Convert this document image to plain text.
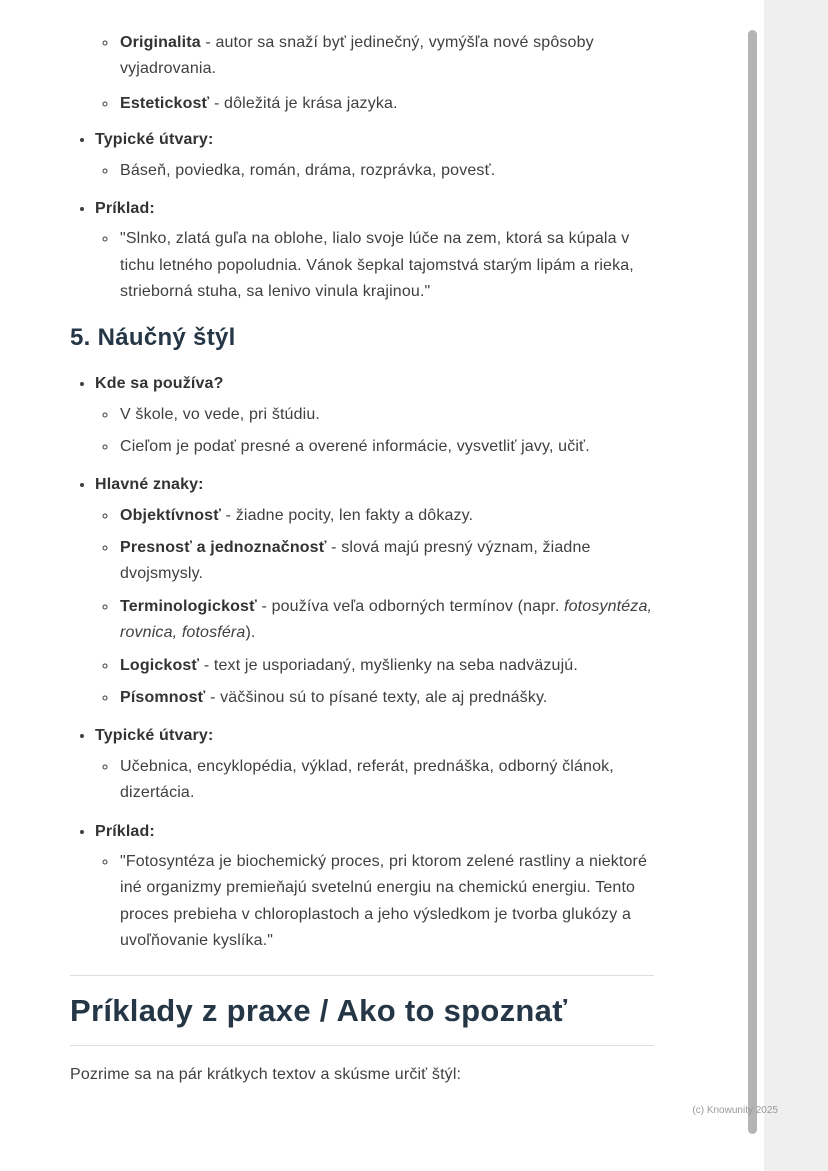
◦ Originalita - autor sa snaží byť jedinečný, vymýšľa nové spôsoby vyjadrovania.
◦ Estetickosť - dôležitá je krása jazyka.
• Typické útvary:
◦ Báseň, poviedka, román, dráma, rozprávka, povesť.
• Príklad:
◦ "Slnko, zlatá guľa na oblohe, lialo svoje lúče na zem, ktorá sa kúpala v tichu letného popoludnia. Vánok šepkal tajomstvá starým lipám a rieka, strieborná stuha, sa lenivo vinula krajinou."
5. Náučný štýl
• Kde sa používa?
◦ V škole, vo vede, pri štúdiu.
◦ Cieľom je podať presné a overené informácie, vysvetliť javy, učiť.
• Hlavné znaky:
◦ Objektívnosť - žiadne pocity, len fakty a dôkazy.
◦ Presnosť a jednoznačnosť - slová majú presný význam, žiadne dvojsmysly.
◦ Terminologickosť - používa veľa odborných termínov (napr. fotosyntéza, rovnica, fotosféra).
◦ Logickosť - text je usporiadaný, myšlienky na seba nadväzujú.
◦ Písomnosť - väčšinou sú to písané texty, ale aj prednášky.
• Typické útvary:
◦ Učebnica, encyklopédia, výklad, referát, prednáška, odborný článok, dizertácia.
• Príklad:
◦ "Fotosyntéza je biochemický proces, pri ktorom zelené rastliny a niektoré iné organizmy premieňajú svetelnú energiu na chemickú energiu. Tento proces prebieha v chloroplastoch a jeho výsledkom je tvorba glukózy a uvoľňovanie kyslíka."
Príklady z praxe / Ako to spoznať

Pozrime sa na pár krátkych textov a skúsme určiť štýl:

(c) Knowunity 2025
